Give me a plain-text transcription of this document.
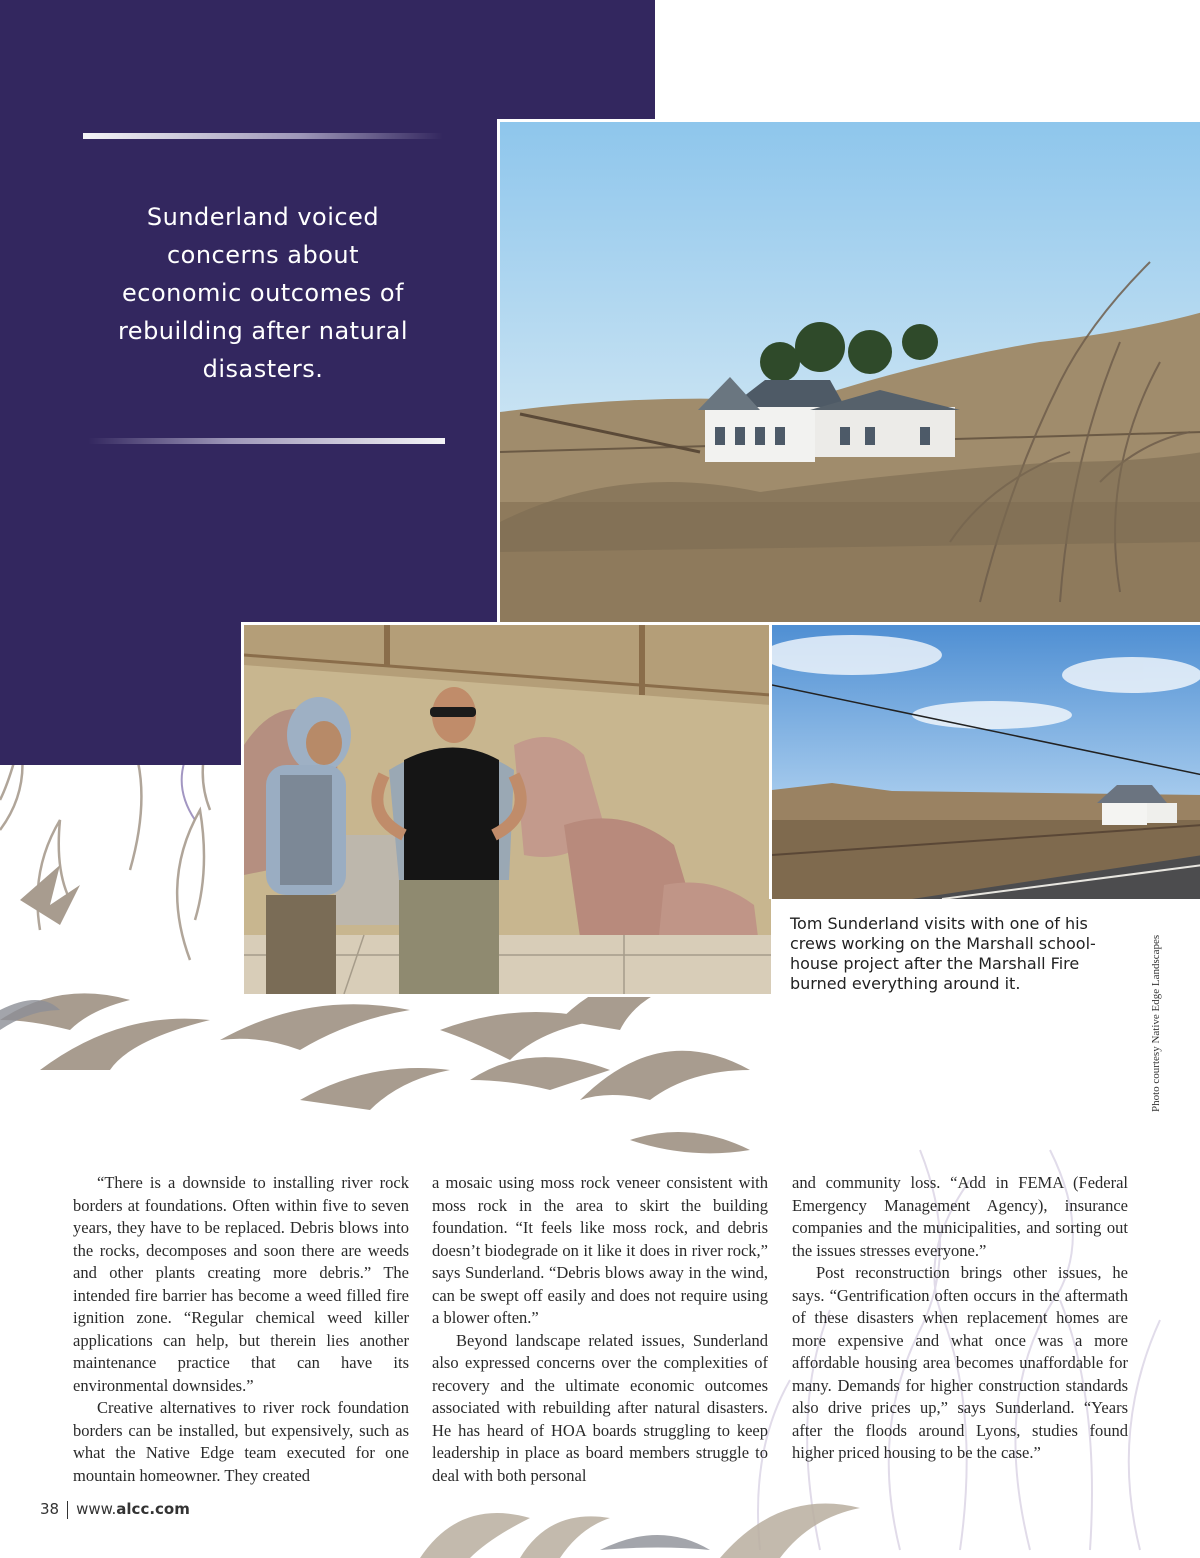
Sunderland voiced concerns about economic outcomes of rebuilding after natural disasters.
Tom Sunderland visits with one of his crews working on the Marshall school-house project after the Marshall Fire burned everything around it.	Photo courtesy Native Edge Landscapes

“There is a downside to installing river rock borders at foundations. Often within five to seven years, they have to be replaced. Debris blows into the rocks, decomposes and soon there are weeds and other plants creating more debris.” The intended fire barrier has become a weed filled fire ignition zone. “Regular chemical weed killer applications can help, but therein lies another maintenance practice that can have its environmental downsides.”

Creative alternatives to river rock foundation borders can be installed, but expensively, such as what the Native Edge team executed for one mountain homeowner. They created

a mosaic using moss rock veneer consistent with moss rock in the area to skirt the building foundation. “It feels like moss rock, and debris doesn’t biodegrade on it like it does in river rock,” says Sunderland. “Debris blows away in the wind, can be swept off easily and does not require using a blower often.”

Beyond landscape related issues, Sunderland also expressed concerns over the complexities of recovery and the ultimate economic outcomes associated with rebuilding after natural disasters. He has heard of HOA boards struggling to keep leadership in place as board members struggle to deal with both personal

and community loss. “Add in FEMA (Federal Emergency Management Agency), insurance companies and the municipalities, and sorting out the issues stresses everyone.”

Post reconstruction brings other issues, he says. “Gentrification often occurs in the aftermath of these disasters when replacement homes are more expensive and what once was a more affordable housing area becomes unaffordable for many. Demands for higher construction standards also drive prices up,” says Sunderland. “Years after the floods around Lyons, studies found higher priced housing to be the case.”

38 www.alcc.com
